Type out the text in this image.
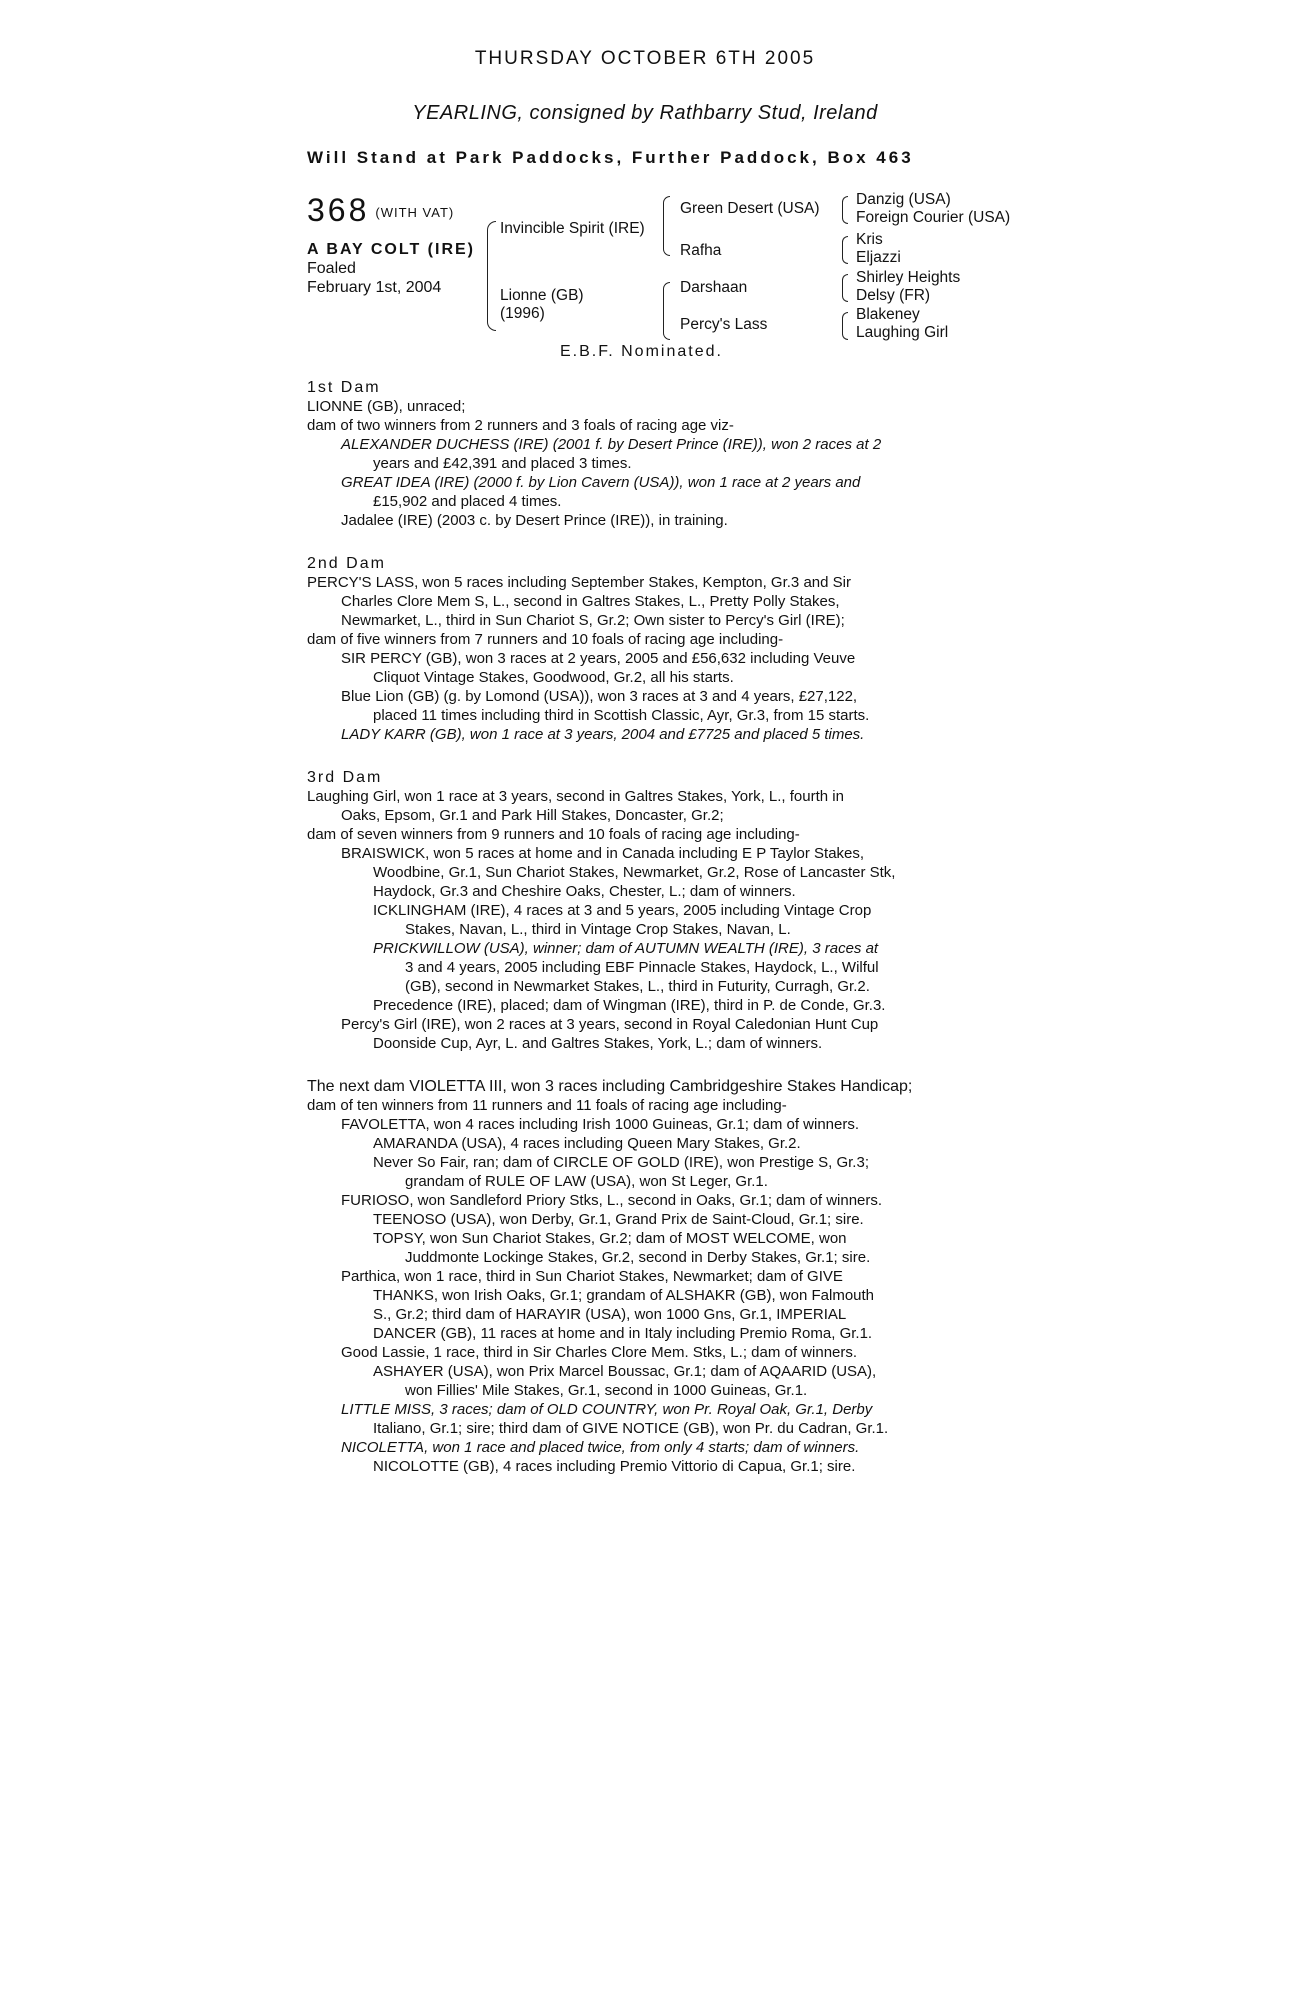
THURSDAY OCTOBER 6TH 2005
YEARLING, consigned by Rathbarry Stud, Ireland
Will Stand at Park Paddocks, Further Paddock, Box 463
368 (WITH VAT)
A BAY COLT (IRE)
Foaled
February 1st, 2004
Invincible Spirit (IRE)
Lionne (GB)
(1996)
Green Desert (USA)
Rafha
Darshaan
Percy's Lass
Danzig (USA)
Foreign Courier (USA)
Kris
Eljazzi
Shirley Heights
Delsy (FR)
Blakeney
Laughing Girl
E.B.F. Nominated.

1st Dam

LIONNE (GB), unraced;

dam of two winners from 2 runners and 3 foals of racing age viz-

ALEXANDER DUCHESS (IRE) (2001 f. by Desert Prince (IRE)), won 2 races at 2

years and £42,391 and placed 3 times.

GREAT IDEA (IRE) (2000 f. by Lion Cavern (USA)), won 1 race at 2 years and

£15,902 and placed 4 times.

Jadalee (IRE) (2003 c. by Desert Prince (IRE)), in training.

2nd Dam

PERCY'S LASS, won 5 races including September Stakes, Kempton, Gr.3 and Sir

Charles Clore Mem S, L., second in Galtres Stakes, L., Pretty Polly Stakes,

Newmarket, L., third in Sun Chariot S, Gr.2; Own sister to Percy's Girl (IRE);

dam of five winners from 7 runners and 10 foals of racing age including-

SIR PERCY (GB), won 3 races at 2 years, 2005 and £56,632 including Veuve

Cliquot Vintage Stakes, Goodwood, Gr.2, all his starts.

Blue Lion (GB) (g. by Lomond (USA)), won 3 races at 3 and 4 years, £27,122,

placed 11 times including third in Scottish Classic, Ayr, Gr.3, from 15 starts.

LADY KARR (GB), won 1 race at 3 years, 2004 and £7725 and placed 5 times.

3rd Dam

Laughing Girl, won 1 race at 3 years, second in Galtres Stakes, York, L., fourth in

Oaks, Epsom, Gr.1 and Park Hill Stakes, Doncaster, Gr.2;

dam of seven winners from 9 runners and 10 foals of racing age including-

BRAISWICK, won 5 races at home and in Canada including E P Taylor Stakes,

Woodbine, Gr.1, Sun Chariot Stakes, Newmarket, Gr.2, Rose of Lancaster Stk,

Haydock, Gr.3 and Cheshire Oaks, Chester, L.; dam of winners.

ICKLINGHAM (IRE), 4 races at 3 and 5 years, 2005 including Vintage Crop

Stakes, Navan, L., third in Vintage Crop Stakes, Navan, L.

PRICKWILLOW (USA), winner; dam of AUTUMN WEALTH (IRE), 3 races at

3 and 4 years, 2005 including EBF Pinnacle Stakes, Haydock, L., Wilful

(GB), second in Newmarket Stakes, L., third in Futurity, Curragh, Gr.2.

Precedence (IRE), placed; dam of Wingman (IRE), third in P. de Conde, Gr.3.

Percy's Girl (IRE), won 2 races at 3 years, second in Royal Caledonian Hunt Cup

Doonside Cup, Ayr, L. and Galtres Stakes, York, L.; dam of winners.

The next dam VIOLETTA III, won 3 races including Cambridgeshire Stakes Handicap;

dam of ten winners from 11 runners and 11 foals of racing age including-

FAVOLETTA, won 4 races including Irish 1000 Guineas, Gr.1; dam of winners.

AMARANDA (USA), 4 races including Queen Mary Stakes, Gr.2.

Never So Fair, ran; dam of CIRCLE OF GOLD (IRE), won Prestige S, Gr.3;

grandam of RULE OF LAW (USA), won St Leger, Gr.1.

FURIOSO, won Sandleford Priory Stks, L., second in Oaks, Gr.1; dam of winners.

TEENOSO (USA), won Derby, Gr.1, Grand Prix de Saint-Cloud, Gr.1; sire.

TOPSY, won Sun Chariot Stakes, Gr.2; dam of MOST WELCOME, won

Juddmonte Lockinge Stakes, Gr.2, second in Derby Stakes, Gr.1; sire.

Parthica, won 1 race, third in Sun Chariot Stakes, Newmarket; dam of GIVE

THANKS, won Irish Oaks, Gr.1; grandam of ALSHAKR (GB), won Falmouth

S., Gr.2; third dam of HARAYIR (USA), won 1000 Gns, Gr.1, IMPERIAL

DANCER (GB), 11 races at home and in Italy including Premio Roma, Gr.1.

Good Lassie, 1 race, third in Sir Charles Clore Mem. Stks, L.; dam of winners.

ASHAYER (USA), won Prix Marcel Boussac, Gr.1; dam of AQAARID (USA),

won Fillies' Mile Stakes, Gr.1, second in 1000 Guineas, Gr.1.

LITTLE MISS, 3 races; dam of OLD COUNTRY, won Pr. Royal Oak, Gr.1, Derby

Italiano, Gr.1; sire; third dam of GIVE NOTICE (GB), won Pr. du Cadran, Gr.1.

NICOLETTA, won 1 race and placed twice, from only 4 starts; dam of winners.

NICOLOTTE (GB), 4 races including Premio Vittorio di Capua, Gr.1; sire.
